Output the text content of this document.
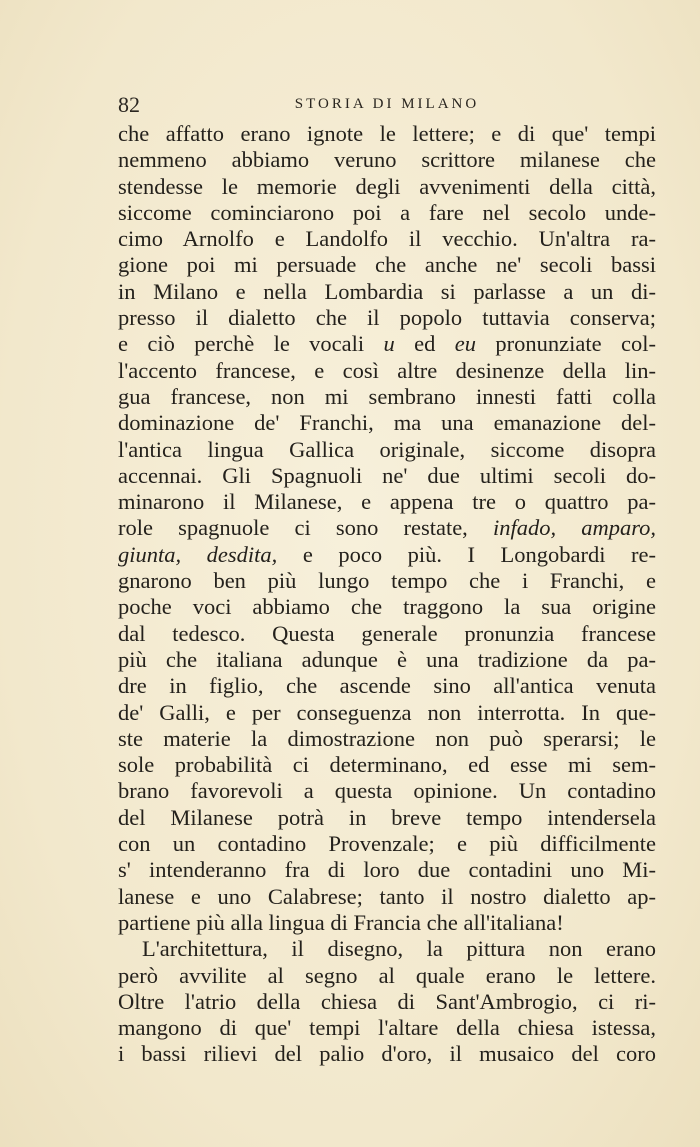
82	STORIA DI MILANO
che affatto erano ignote le lettere; e di que' tempi
nemmeno abbiamo veruno scrittore milanese che
stendesse le memorie degli avvenimenti della città,
siccome cominciarono poi a fare nel secolo unde-
cimo Arnolfo e Landolfo il vecchio. Un'altra ra-
gione poi mi persuade che anche ne' secoli bassi
in Milano e nella Lombardia si parlasse a un di-
presso il dialetto che il popolo tuttavia conserva;
e ciò perchè le vocali u ed eu pronunziate col-
l'accento francese, e così altre desinenze della lin-
gua francese, non mi sembrano innesti fatti colla
dominazione de' Franchi, ma una emanazione del-
l'antica lingua Gallica originale, siccome disopra
accennai. Gli Spagnuoli ne' due ultimi secoli do-
minarono il Milanese, e appena tre o quattro pa-
role spagnuole ci sono restate, infado, amparo,
giunta, desdita, e poco più. I Longobardi re-
gnarono ben più lungo tempo che i Franchi, e
poche voci abbiamo che traggono la sua origine
dal tedesco. Questa generale pronunzia francese
più che italiana adunque è una tradizione da pa-
dre in figlio, che ascende sino all'antica venuta
de' Galli, e per conseguenza non interrotta. In que-
ste materie la dimostrazione non può sperarsi; le
sole probabilità ci determinano, ed esse mi sem-
brano favorevoli a questa opinione. Un contadino
del Milanese potrà in breve tempo intendersela
con un contadino Provenzale; e più difficilmente
s' intenderanno fra di loro due contadini uno Mi-
lanese e uno Calabrese; tanto il nostro dialetto ap-
partiene più alla lingua di Francia che all'italiana!
L'architettura, il disegno, la pittura non erano
però avvilite al segno al quale erano le lettere.
Oltre l'atrio della chiesa di Sant'Ambrogio, ci ri-
mangono di que' tempi l'altare della chiesa istessa,
i bassi rilievi del palio d'oro, il musaico del coro
